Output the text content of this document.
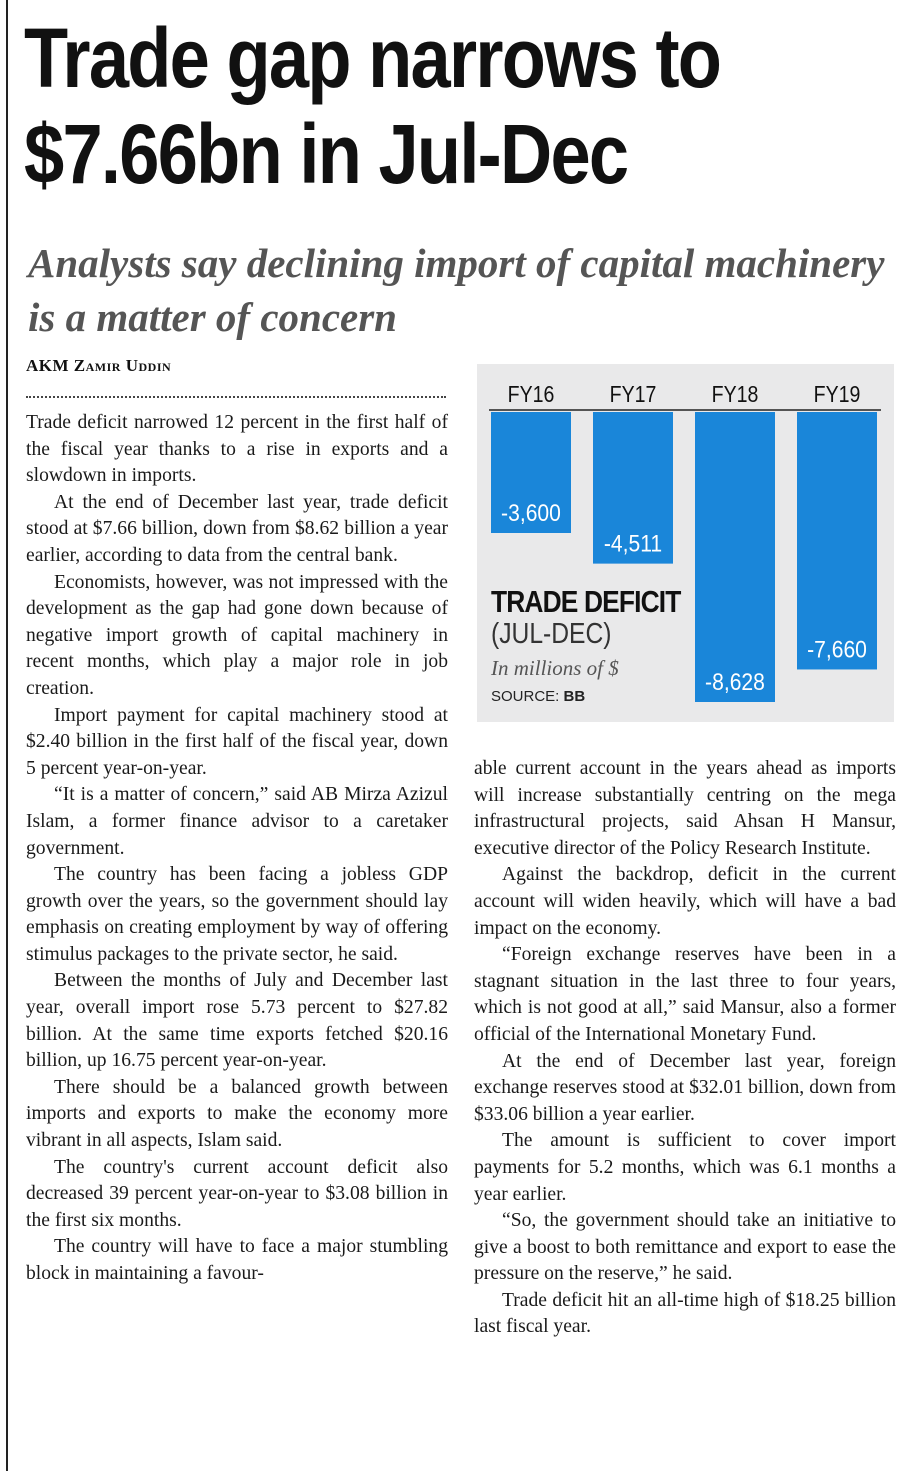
Trade gap narrows to $7.66bn in Jul-Dec
Analysts say declining import of capital machinery is a matter of concern
AKM Zamir Uddin

Trade deficit narrowed 12 percent in the first half of the fiscal year thanks to a rise in exports and a slowdown in imports.

At the end of December last year, trade deficit stood at $7.66 billion, down from $8.62 billion a year earlier, according to data from the central bank.

Economists, however, was not impressed with the development as the gap had gone down because of negative import growth of capital machinery in recent months, which play a major role in job creation.

Import payment for capital machinery stood at $2.40 billion in the first half of the fiscal year, down 5 percent year-on-year.

“It is a matter of concern,” said AB Mirza Azizul Islam, a former finance advisor to a caretaker government.

The country has been facing a jobless GDP growth over the years, so the government should lay emphasis on creating employment by way of offering stimulus packages to the private sector, he said.

Between the months of July and December last year, overall import rose 5.73 percent to $27.82 billion. At the same time exports fetched $20.16 billion, up 16.75 percent year-on-year.

There should be a balanced growth between imports and exports to make the economy more vibrant in all aspects, Islam said.

The country's current account deficit also decreased 39 percent year-on-year to $3.08 billion in the first six months.

The country will have to face a major stumbling block in maintaining a favour-

FY16
-3,600
FY17
-4,511
FY18
-8,628
FY19
-7,660
TRADE DEFICIT
(JUL-DEC)
In millions of $
SOURCE: BB

able current account in the years ahead as imports will increase substantially centring on the mega infrastructural projects, said Ahsan H Mansur, executive director of the Policy Research Institute.

Against the backdrop, deficit in the current account will widen heavily, which will have a bad impact on the economy.

“Foreign exchange reserves have been in a stagnant situation in the last three to four years, which is not good at all,” said Mansur, also a former official of the International Monetary Fund.

At the end of December last year, foreign exchange reserves stood at $32.01 billion, down from $33.06 billion a year earlier.

The amount is sufficient to cover import payments for 5.2 months, which was 6.1 months a year earlier.

“So, the government should take an initiative to give a boost to both remittance and export to ease the pressure on the reserve,” he said.

Trade deficit hit an all-time high of $18.25 billion last fiscal year.
